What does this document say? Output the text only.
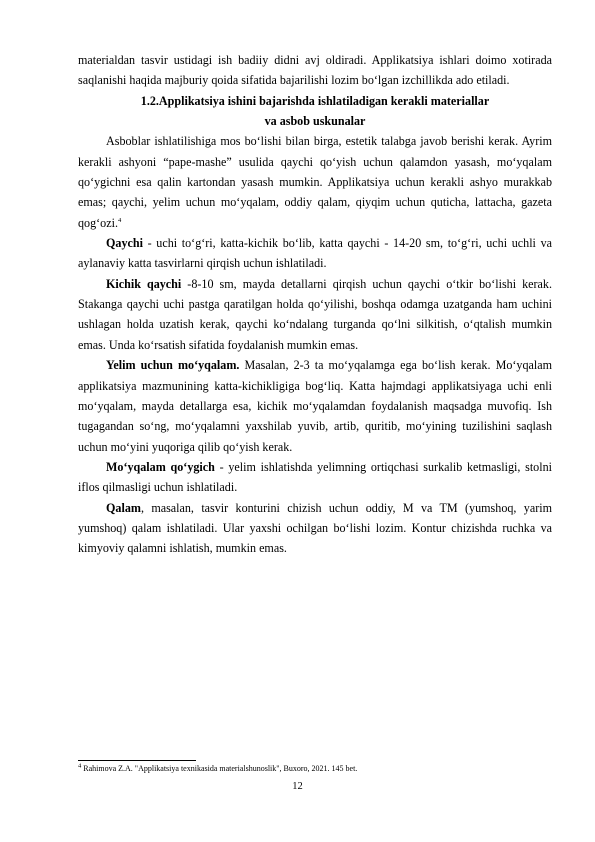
materialdan tasvir ustidagi ish badiiy didni avj oldiradi. Applikatsiya ishlari doimo xotirada saqlanishi haqida majburiy qoida sifatida bajarilishi lozim bo‘lgan izchillikda ado etiladi.

1.2.Applikatsiya ishini bajarishda ishlatiladigan kerakli materiallar
va asbob uskunalar

Asboblar ishlatilishiga mos bo‘lishi bilan birga, estetik talabga javob berishi kerak. Ayrim kerakli ashyoni “pape-mashe” usulida qaychi qo‘yish uchun qalamdon yasash, mo‘yqalam qo‘ygichni esa qalin kartondan yasash mumkin. Applikatsiya uchun kerakli ashyo murakkab emas; qaychi, yelim uchun mo‘yqalam, oddiy qalam, qiyqim uchun quticha, lattacha, gazeta qog‘ozi.$^4$

Qaychi - uchi to‘g‘ri, katta-kichik bo‘lib, katta qaychi - 14-20 sm, to‘g‘ri, uchi uchli va aylanaviy katta tasvirlarni qirqish uchun ishlatiladi.

Kichik qaychi -8-10 sm, mayda detallarni qirqish uchun qaychi o‘tkir bo‘lishi kerak. Stakanga qaychi uchi pastga qaratilgan holda qo‘yilishi, boshqa odamga uzatganda ham uchini ushlagan holda uzatish kerak, qaychi ko‘ndalang turganda qo‘lni silkitish, o‘qtalish mumkin emas. Unda ko‘rsatish sifatida foydalanish mumkin emas.

Yelim uchun mo‘yqalam. Masalan, 2-3 ta mo‘yqalamga ega bo‘lish kerak. Mo‘yqalam applikatsiya mazmunining katta-kichikligiga bog‘liq. Katta hajmdagi applikatsiyaga uchi enli mo‘yqalam, mayda detallarga esa, kichik mo‘yqalamdan foydalanish maqsadga muvofiq. Ish tugagandan so‘ng, mo‘yqalamni yaxshilab yuvib, artib, quritib, mo‘yining tuzilishini saqlash uchun mo‘yini yuqoriga qilib qo‘yish kerak.

Mo‘yqalam qo‘ygich - yelim ishlatishda yelimning ortiqchasi surkalib ketmasligi, stolni iflos qilmasligi uchun ishlatiladi.

Qalam, masalan, tasvir konturini chizish uchun oddiy, M va TM (yumshoq, yarim yumshoq) qalam ishlatiladi. Ular yaxshi ochilgan bo‘lishi lozim. Kontur chizishda ruchka va kimyoviy qalamni ishlatish, mumkin emas.

$^4$ Rahimova Z.A. "Applikatsiya texnikasida materialshunoslik", Buxoro, 2021. 145 bet.
12
